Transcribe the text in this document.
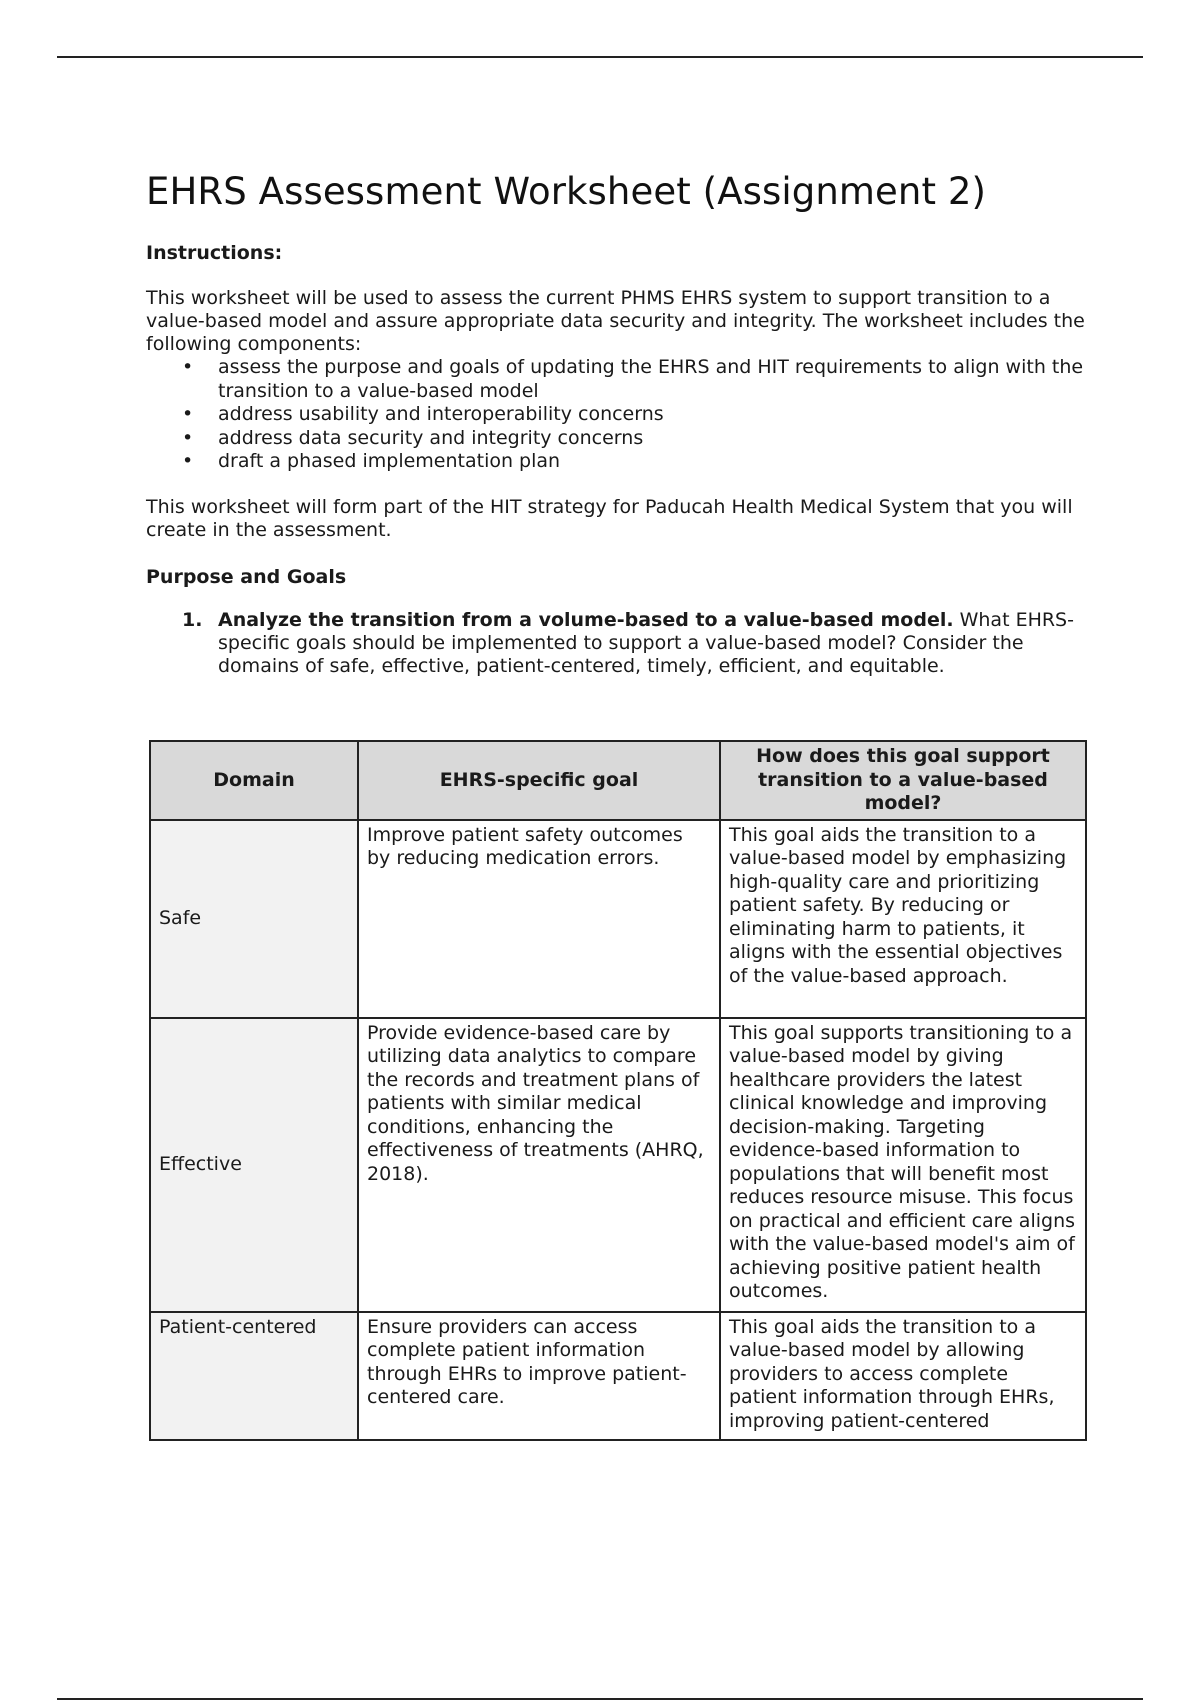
EHRS Assessment Worksheet (Assignment 2)
Instructions:

This worksheet will be used to assess the current PHMS EHRS system to support transition to a value-based model and assure appropriate data security and integrity. The worksheet includes the following components:

• assess the purpose and goals of updating the EHRS and HIT requirements to align with the transition to a value-based model
• address usability and interoperability concerns
• address data security and integrity concerns
• draft a phased implementation plan

This worksheet will form part of the HIT strategy for Paducah Health Medical System that you will create in the assessment.

Purpose and Goals
1. Analyze the transition from a volume-based to a value-based model. What EHRS-specific goals should be implemented to support a value-based model? Consider the domains of safe, effective, patient-centered, timely, efficient, and equitable.
Domain	EHRS-specific goal	How does this goal support transition to a value-based model?
Safe	Improve patient safety outcomes by reducing medication errors.	This goal aids the transition to a value-based model by emphasizing high-quality care and prioritizing patient safety. By reducing or eliminating harm to patients, it aligns with the essential objectives of the value-based approach.
Effective	Provide evidence-based care by utilizing data analytics to compare the records and treatment plans of patients with similar medical conditions, enhancing the effectiveness of treatments (AHRQ, 2018).	This goal supports transitioning to a value-based model by giving healthcare providers the latest clinical knowledge and improving decision-making. Targeting evidence-based information to populations that will benefit most reduces resource misuse. This focus on practical and efficient care aligns with the value-based model's aim of achieving positive patient health outcomes.
Patient-centered	Ensure providers can access complete patient information through EHRs to improve patient-centered care.	This goal aids the transition to a value-based model by allowing providers to access complete patient information through EHRs, improving patient-centered
